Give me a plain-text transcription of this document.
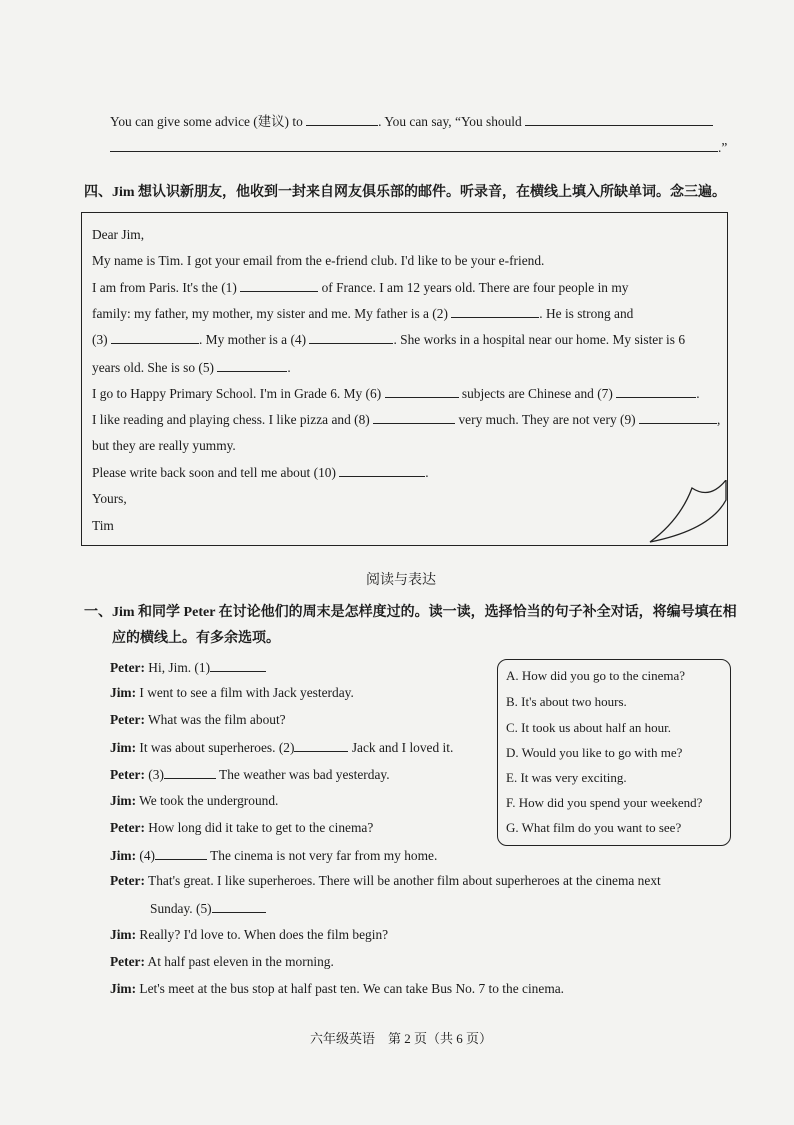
You can give some advice (建议) to	. You can say, “You should
.”
四、Jim 想认识新朋友，他收到一封来自网友俱乐部的邮件。听录音，在横线上填入所缺单词。念三遍。
Dear Jim,
My name is Tim. I got your email from the e-friend club. I'd like to be your e-friend.
I am from Paris. It's the (1)	of France. I am 12 years old. There are four people in my
family: my father, my mother, my sister and me. My father is a (2)	. He is strong and
(3)	. My mother is a (4)	. She works in a hospital near our home. My sister is 6
years old. She is so (5)	.
I go to Happy Primary School. I'm in Grade 6. My (6)	subjects are Chinese and (7)	.
I like reading and playing chess. I like pizza and (8)	very much. They are not very (9)	,
but they are really yummy.
Please write back soon and tell me about (10)	.
Yours,
Tim
阅读与表达
一、Jim 和同学 Peter 在讨论他们的周末是怎样度过的。读一读，选择恰当的句子补全对话，将编号填在相
应的横线上。有多余选项。
Peter: Hi, Jim. (1)
Jim: I went to see a film with Jack yesterday.
Peter: What was the film about?
Jim: It was about superheroes. (2)	Jack and I loved it.
Peter: (3)	The weather was bad yesterday.
Jim: We took the underground.
Peter: How long did it take to get to the cinema?
Jim: (4)	The cinema is not very far from my home.
Peter: That's great. I like superheroes. There will be another film about superheroes at the cinema next
Sunday. (5)
Jim: Really? I'd love to. When does the film begin?
Peter: At half past eleven in the morning.
Jim: Let's meet at the bus stop at half past ten. We can take Bus No. 7 to the cinema.
A. How did you go to the cinema?
B. It's about two hours.
C. It took us about half an hour.
D. Would you like to go with me?
E. It was very exciting.
F. How did you spend your weekend?
G. What film do you want to see?
六年级英语　第 2 页（共 6 页）
